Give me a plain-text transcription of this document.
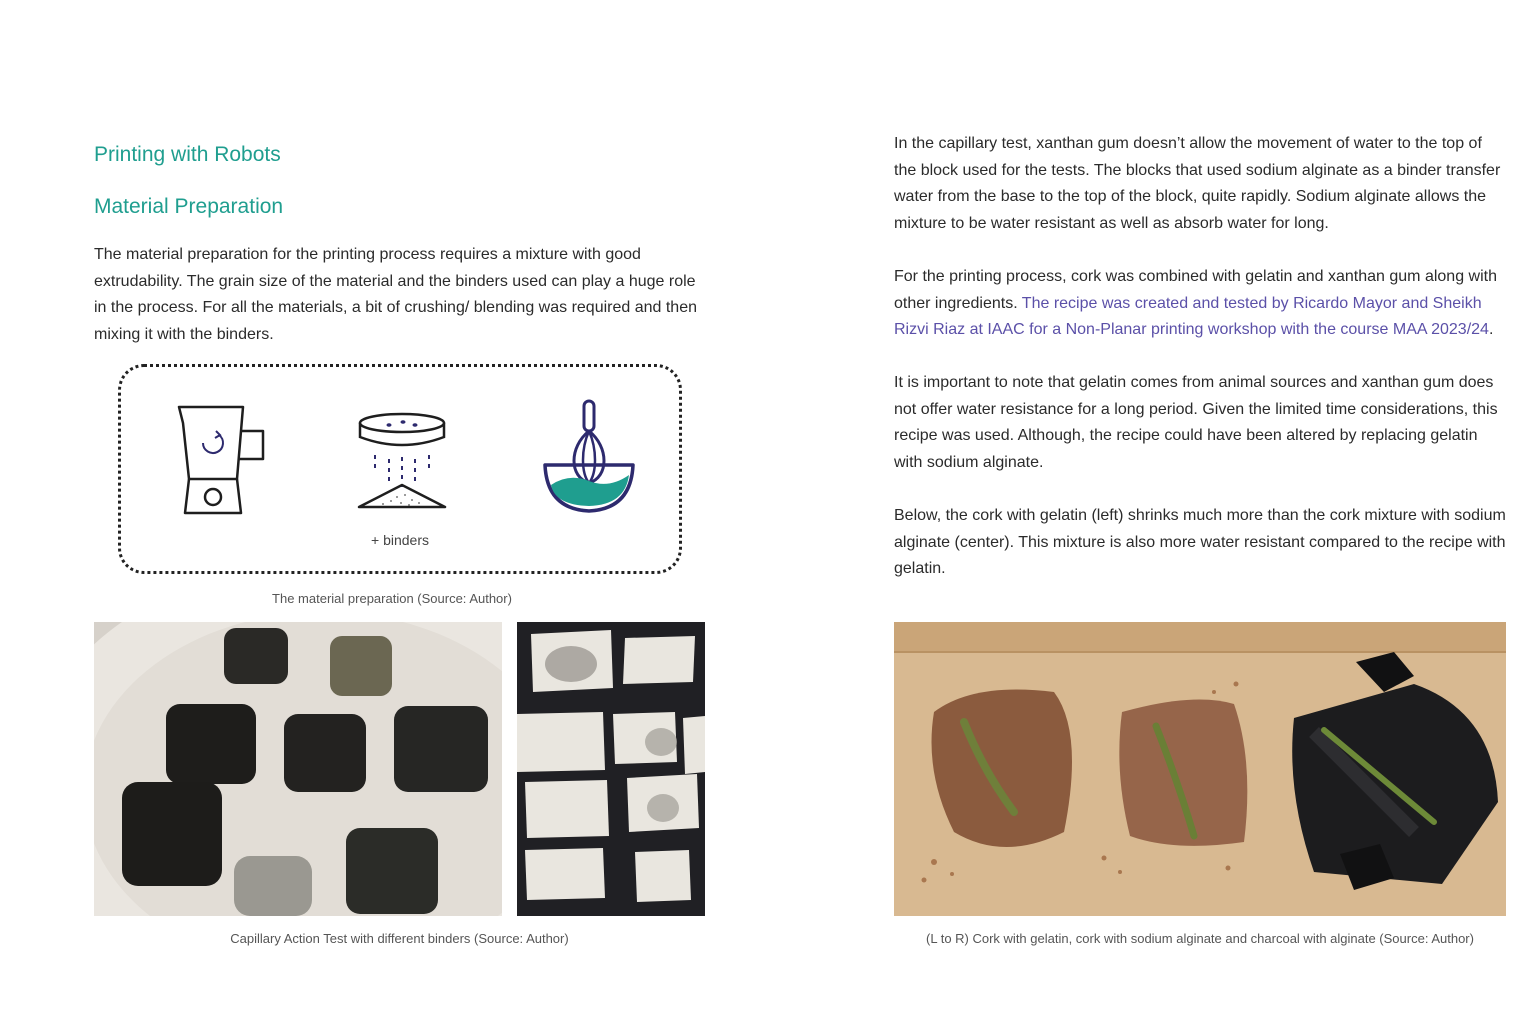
Printing with Robots
Material Preparation

The material preparation for the printing process requires a mixture with good extrudability. The grain size of the material and the binders used can play a huge role in the process. For all the materials, a bit of crushing/ blending was required and then mixing it with the binders.

+ binders
The material preparation (Source: Author)
Capillary Action Test with different binders (Source: Author)

In the capillary test, xanthan gum doesn’t allow the movement of water to the top of the block used for the tests. The blocks that used sodium alginate as a binder transfer water from the base to the top of the block, quite rapidly. Sodium alginate allows the mixture to be water resistant as well as absorb water for long.

For the printing process, cork was combined with gelatin and xanthan gum along with other ingredients. The recipe was created and tested by Ricardo Mayor and Sheikh Rizvi Riaz at IAAC for a Non-Planar printing workshop with the course MAA 2023/24.

It is important to note that gelatin comes from animal sources and xanthan gum does not offer water resistance for a long period. Given the limited time considerations, this recipe was used. Although, the recipe could have been altered by replacing gelatin with sodium alginate.

Below, the cork with gelatin (left) shrinks much more than the cork mixture with sodium alginate (center). This mixture is also more water resistant compared to the recipe with gelatin.

(L to R) Cork with gelatin, cork with sodium alginate and charcoal with alginate (Source: Author)
